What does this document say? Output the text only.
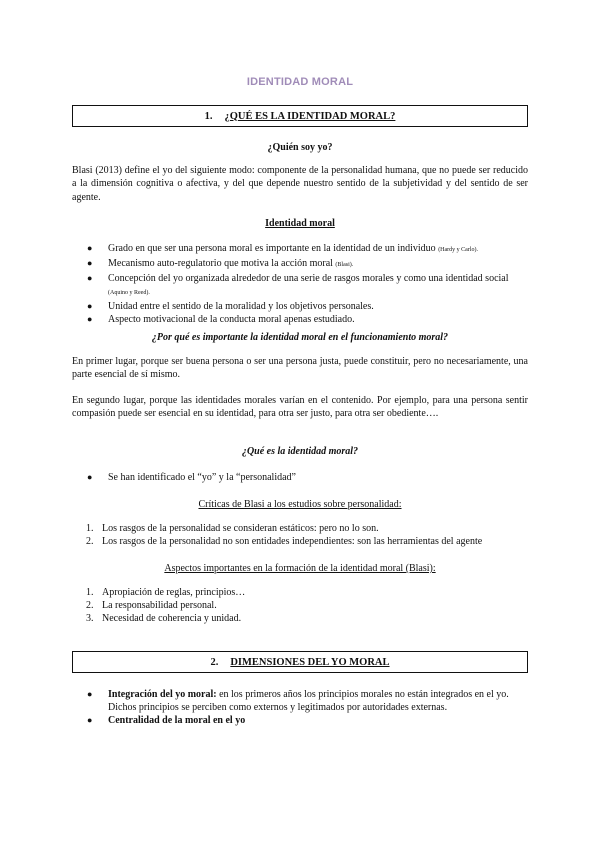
IDENTIDAD MORAL
1. ¿QUÉ ES LA IDENTIDAD MORAL?
¿Quién soy yo?

Blasi (2013) define el yo del siguiente modo: componente de la personalidad humana, que no puede ser reducido a la dimensión cognitiva o afectiva, y del que depende nuestro sentido de la subjetividad y del sentido de ser agente.

Identidad moral
● Grado en que ser una persona moral es importante en la identidad de un individuo (Hardy y Carlo).
● Mecanismo auto-regulatorio que motiva la acción moral (Blasi).
● Concepción del yo organizada alrededor de una serie de rasgos morales y como una identidad social (Aquino y Reed).
● Unidad entre el sentido de la moralidad y los objetivos personales.
● Aspecto motivacional de la conducta moral apenas estudiado.
¿Por qué es importante la identidad moral en el funcionamiento moral?

En primer lugar, porque ser buena persona o ser una persona justa, puede constituir, pero no necesariamente, una parte esencial de sí mismo.

En segundo lugar, porque las identidades morales varían en el contenido. Por ejemplo, para una persona sentir compasión puede ser esencial en su identidad, para otra ser justo, para otra ser obediente….

¿Qué es la identidad moral?
● Se han identificado el “yo” y la “personalidad”
Críticas de Blasi a los estudios sobre personalidad:
1. Los rasgos de la personalidad se consideran estáticos: pero no lo son.
2. Los rasgos de la personalidad no son entidades independientes: son las herramientas del agente
Aspectos importantes en la formación de la identidad moral (Blasi):
1. Apropiación de reglas, principios…
2. La responsabilidad personal.
3. Necesidad de coherencia y unidad.
2. DIMENSIONES DEL YO MORAL
● Integración del yo moral: en los primeros años los principios morales no están integrados en el yo. Dichos principios se perciben como externos y legitimados por autoridades externas.
● Centralidad de la moral en el yo
